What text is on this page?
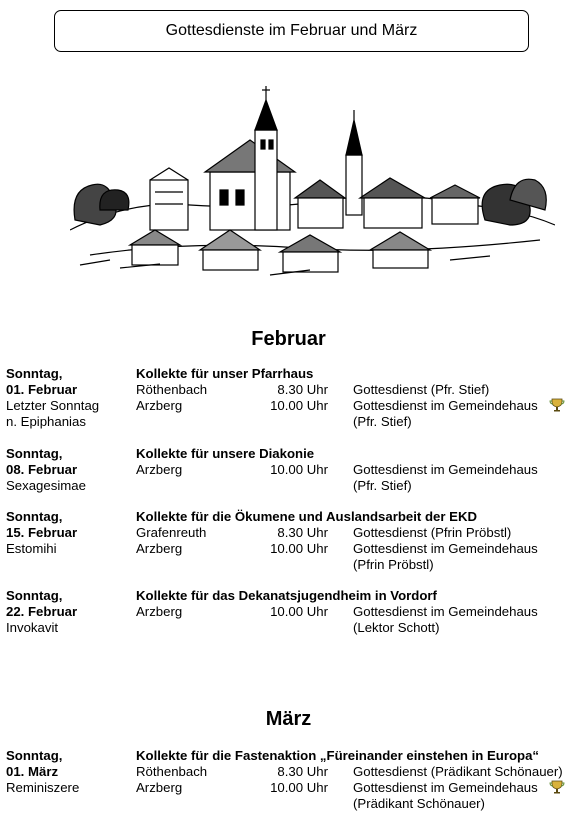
Gottesdienste im Februar und März
Februar
Sonntag,
01. Februar
Letzter Sonntag
n. Epiphanias
Kollekte für unser Pfarrhaus
Röthenbach	8.30 Uhr Gottesdienst (Pfr. Stief)
Arzberg	10.00 Uhr Gottesdienst im Gemeindehaus
(Pfr. Stief)
Sonntag,
08. Februar
Sexagesimae
Kollekte für unsere Diakonie
Arzberg	10.00 Uhr Gottesdienst im Gemeindehaus
(Pfr. Stief)
Sonntag,
15. Februar
Estomihi
Kollekte für die Ökumene und Auslandsarbeit der EKD
Grafenreuth	8.30 Uhr Gottesdienst (Pfrin Pröbstl)
Arzberg	10.00 Uhr Gottesdienst im Gemeindehaus
(Pfrin Pröbstl)
Sonntag,
22. Februar
Invokavit
Kollekte für das Dekanatsjugendheim in Vordorf
Arzberg	10.00 Uhr Gottesdienst im Gemeindehaus
(Lektor Schott)
März
Sonntag,
01. März
Reminiszere
Kollekte für die Fastenaktion „Füreinander einstehen in Europa“
Röthenbach	8.30 Uhr Gottesdienst (Prädikant Schönauer)
Arzberg	10.00 Uhr Gottesdienst im Gemeindehaus
(Prädikant Schönauer)
